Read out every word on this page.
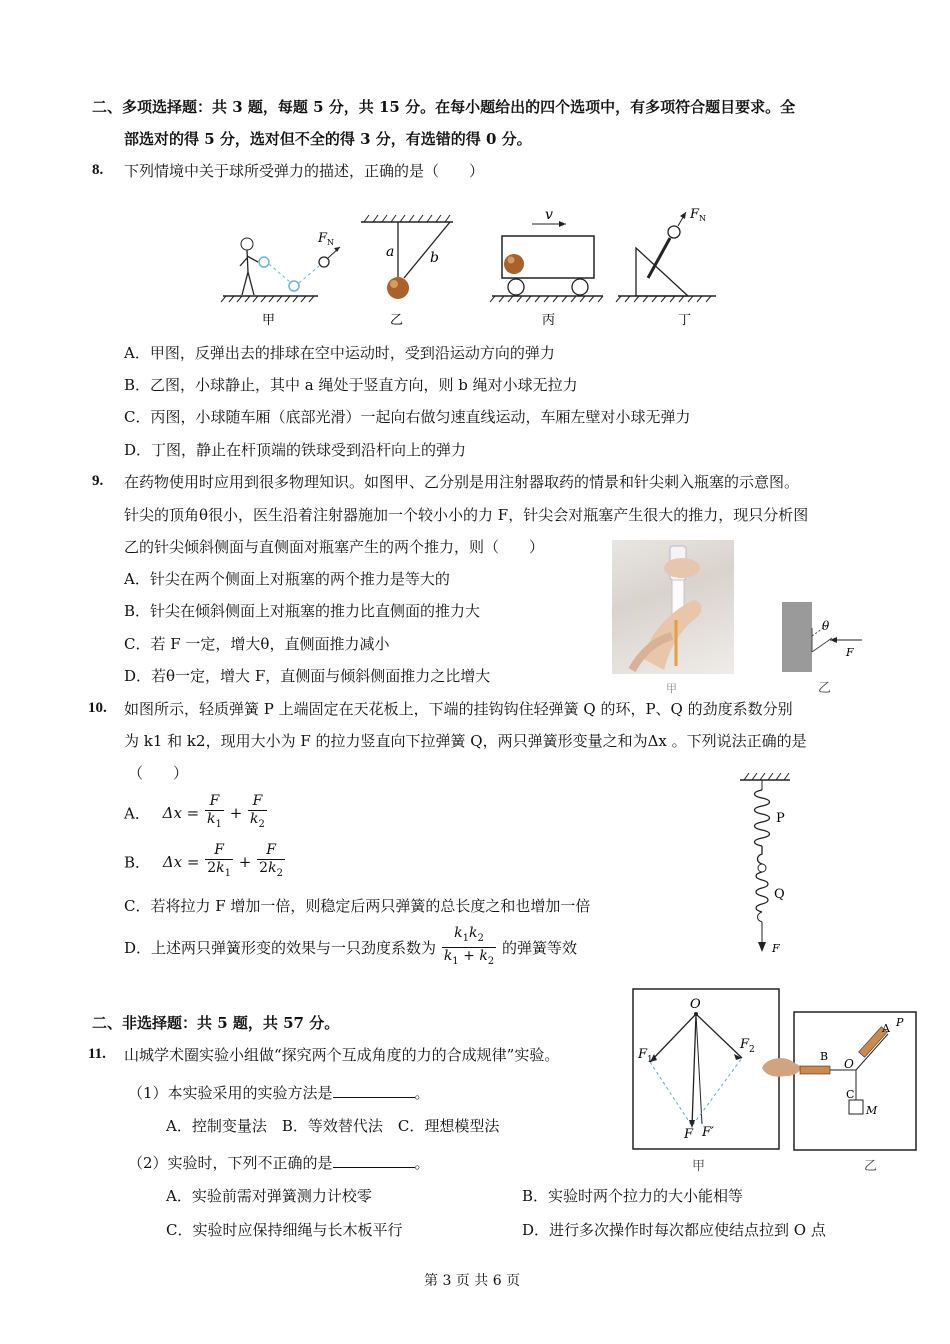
二、多项选择题：共 3 题，每题 5 分，共 15 分。在每小题给出的四个选项中，有多项符合题目要求。全
部选对的得 5 分，选对但不全的得 3 分，有选错的得 0 分。
8. 下列情境中关于球所受弹力的描述，正确的是（　　）
F N
a	b
v	F N
甲	乙	丙	丁
A．甲图，反弹出去的排球在空中运动时，受到沿运动方向的弹力
B．乙图，小球静止，其中 a 绳处于竖直方向，则 b 绳对小球无拉力
C．丙图，小球随车厢（底部光滑）一起向右做匀速直线运动，车厢左壁对小球无弹力
D．丁图，静止在杆顶端的铁球受到沿杆向上的弹力
9. 在药物使用时应用到很多物理知识。如图甲、乙分别是用注射器取药的情景和针尖刺入瓶塞的示意图。
针尖的顶角θ很小，医生沿着注射器施加一个较小小的力 F，针尖会对瓶塞产生很大的推力，现只分析图
乙的针尖倾斜侧面与直侧面对瓶塞产生的两个推力，则（　　）
A．针尖在两个侧面上对瓶塞的两个推力是等大的
B．针尖在倾斜侧面上对瓶塞的推力比直侧面的推力大
C．若 F 一定，增大θ，直侧面推力减小
D．若θ一定，增大 F，直侧面与倾斜侧面推力之比增大
甲
θ
F
乙
10. 如图所示，轻质弹簧 P 上端固定在天花板上，下端的挂钩钩住轻弹簧 Q 的环，P、Q 的劲度系数分别
为 k1 和 k2，现用大小为 F 的拉力竖直向下拉弹簧 Q，两只弹簧形变量之和为Δx 。下列说法正确的是
（　　）
A． $\Delta x = \frac{F}{k_1} + \frac{F}{k_2}$
B． $\Delta x = \frac{F}{2k_1} + \frac{F}{2k_2}$
C．若将拉力 F 增加一倍，则稳定后两只弹簧的总长度之和也增加一倍
D．上述两只弹簧形变的效果与一只劲度系数为 $\frac{k_1k_2}{k_1 + k_2}$ 的弹簧等效
P
Q
F
二、非选择题：共 5 题，共 57 分。
11. 山城学术圈实验小组做“探究两个互成角度的力的合成规律”实验。
（1）本实验采用的实验方法是	。
A．控制变量法　B．等效替代法　C．理想模型法
（2）实验时，下列不正确的是	。
A．实验前需对弹簧测力计校零	B．实验时两个拉力的大小能相等
C．实验时应保持细绳与长木板平行	D．进行多次操作时每次都应使结点拉到 O 点
O
F 1
F 2
F F′
甲
B
O
A P
C
M
乙
第 3 页 共 6 页
